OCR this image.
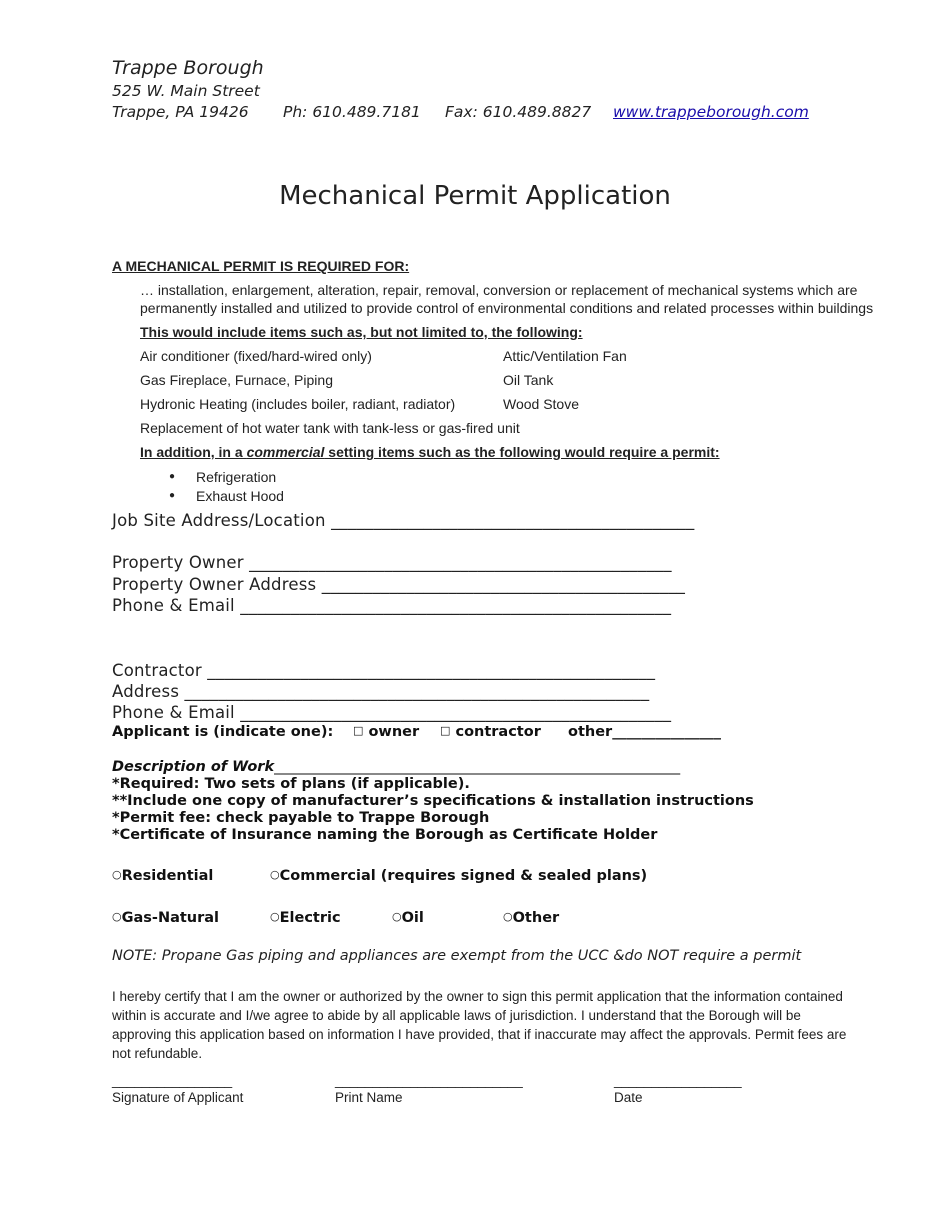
Trappe Borough
525 W. Main Street
Trappe, PA 19426 Ph: 610.489.7181 Fax: 610.489.8827 www.trappeborough.com
Mechanical Permit Application
A MECHANICAL PERMIT IS REQUIRED FOR:
… installation, enlargement, alteration, repair, removal, conversion or replacement of mechanical systems which are
permanently installed and utilized to provide control of environmental conditions and related processes within buildings
This would include items such as, but not limited to, the following:
Air conditioner (fixed/hard-wired only)	Attic/Ventilation Fan
Gas Fireplace, Furnace, Piping	Oil Tank
Hydronic Heating (includes boiler, radiant, radiator)	Wood Stove
Replacement of hot water tank with tank-less or gas-fired unit
In addition, in a commercial setting items such as the following would require a permit:
● Refrigeration
● Exhaust Hood
Job Site Address/Location ___________________________________________
Property Owner __________________________________________________
Property Owner Address ___________________________________________
Phone & Email ___________________________________________________
Contractor _____________________________________________________
Address _______________________________________________________
Phone & Email ___________________________________________________
Applicant is (indicate one): □ owner □ contractor other_______________
Description of Work________________________________________________________
*Required: Two sets of plans (if applicable).
**Include one copy of manufacturer’s specifications & installation instructions
*Permit fee: check payable to Trappe Borough
*Certificate of Insurance naming the Borough as Certificate Holder
○Residential	○Commercial (requires signed & sealed plans)
○Gas-Natural	○Electric	○Oil	○Other
NOTE: Propane Gas piping and appliances are exempt from the UCC &do NOT require a permit
I hereby certify that I am the owner or authorized by the owner to sign this permit application that the information contained within is accurate and I/we agree to abide by all applicable laws of jurisdiction. I understand that the Borough will be approving this application based on information I have provided, that if inaccurate may affect the approvals. Permit fees are not refundable.
________________	_________________________	_________________
Signature of Applicant	Print Name	Date
